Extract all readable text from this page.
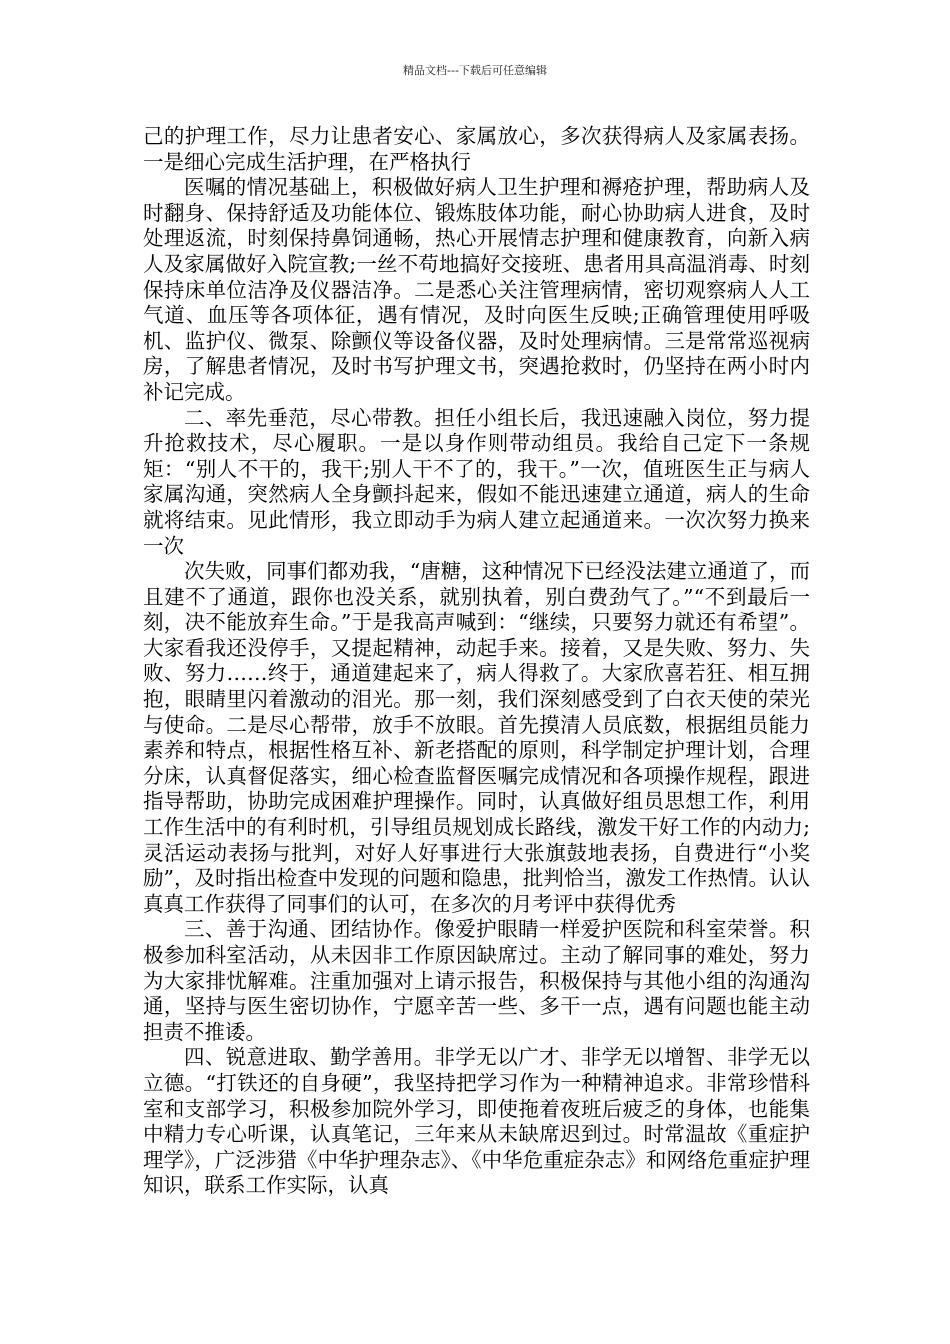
精品文档---下载后可任意编辑

己的护理工作，尽力让患者安心、家属放心，多次获得病人及家属表扬。一是细心完成生活护理，在严格执行

医嘱的情况基础上，积极做好病人卫生护理和褥疮护理，帮助病人及时翻身、保持舒适及功能体位、锻炼肢体功能，耐心协助病人进食，及时处理返流，时刻保持鼻饲通畅，热心开展情志护理和健康教育，向新入病人及家属做好入院宣教;一丝不苟地搞好交接班、患者用具高温消毒、时刻保持床单位洁净及仪器洁净。二是悉心关注管理病情，密切观察病人人工气道、血压等各项体征，遇有情况，及时向医生反映;正确管理使用呼吸机、监护仪、微泵、除颤仪等设备仪器，及时处理病情。三是常常巡视病房，了解患者情况，及时书写护理文书，突遇抢救时，仍坚持在两小时内补记完成。

二、率先垂范，尽心带教。担任小组长后，我迅速融入岗位，努力提升抢救技术，尽心履职。一是以身作则带动组员。我给自己定下一条规矩：“别人不干的，我干;别人干不了的，我干。”一次，值班医生正与病人家属沟通，突然病人全身颤抖起来，假如不能迅速建立通道，病人的生命就将结束。见此情形，我立即动手为病人建立起通道来。一次次努力换来一次

次失败，同事们都劝我，“唐糖，这种情况下已经没法建立通道了，而且建不了通道，跟你也没关系，就别执着，别白费劲气了。”“不到最后一刻，决不能放弃生命。”于是我高声喊到：“继续，只要努力就还有希望”。大家看我还没停手，又提起精神，动起手来。接着，又是失败、努力、失败、努力……终于，通道建起来了，病人得救了。大家欣喜若狂、相互拥抱，眼睛里闪着激动的泪光。那一刻，我们深刻感受到了白衣天使的荣光与使命。二是尽心帮带，放手不放眼。首先摸清人员底数，根据组员能力素养和特点，根据性格互补、新老搭配的原则，科学制定护理计划，合理分床，认真督促落实，细心检查监督医嘱完成情况和各项操作规程，跟进指导帮助，协助完成困难护理操作。同时，认真做好组员思想工作，利用工作生活中的有利时机，引导组员规划成长路线，激发干好工作的内动力;灵活运动表扬与批判，对好人好事进行大张旗鼓地表扬，自费进行“小奖励”，及时指出检查中发现的问题和隐患，批判恰当，激发工作热情。认认真真工作获得了同事们的认可，在多次的月考评中获得优秀

三、善于沟通、团结协作。像爱护眼睛一样爱护医院和科室荣誉。积极参加科室活动，从未因非工作原因缺席过。主动了解同事的难处，努力为大家排忧解难。注重加强对上请示报告，积极保持与其他小组的沟通沟通，坚持与医生密切协作，宁愿辛苦一些、多干一点，遇有问题也能主动担责不推诿。

四、锐意进取、勤学善用。非学无以广才、非学无以增智、非学无以立德。“打铁还的自身硬”，我坚持把学习作为一种精神追求。非常珍惜科室和支部学习，积极参加院外学习，即使拖着夜班后疲乏的身体，也能集中精力专心听课，认真笔记，三年来从未缺席迟到过。时常温故《重症护理学》，广泛涉猎《中华护理杂志》、《中华危重症杂志》和网络危重症护理知识，联系工作实际，认真
